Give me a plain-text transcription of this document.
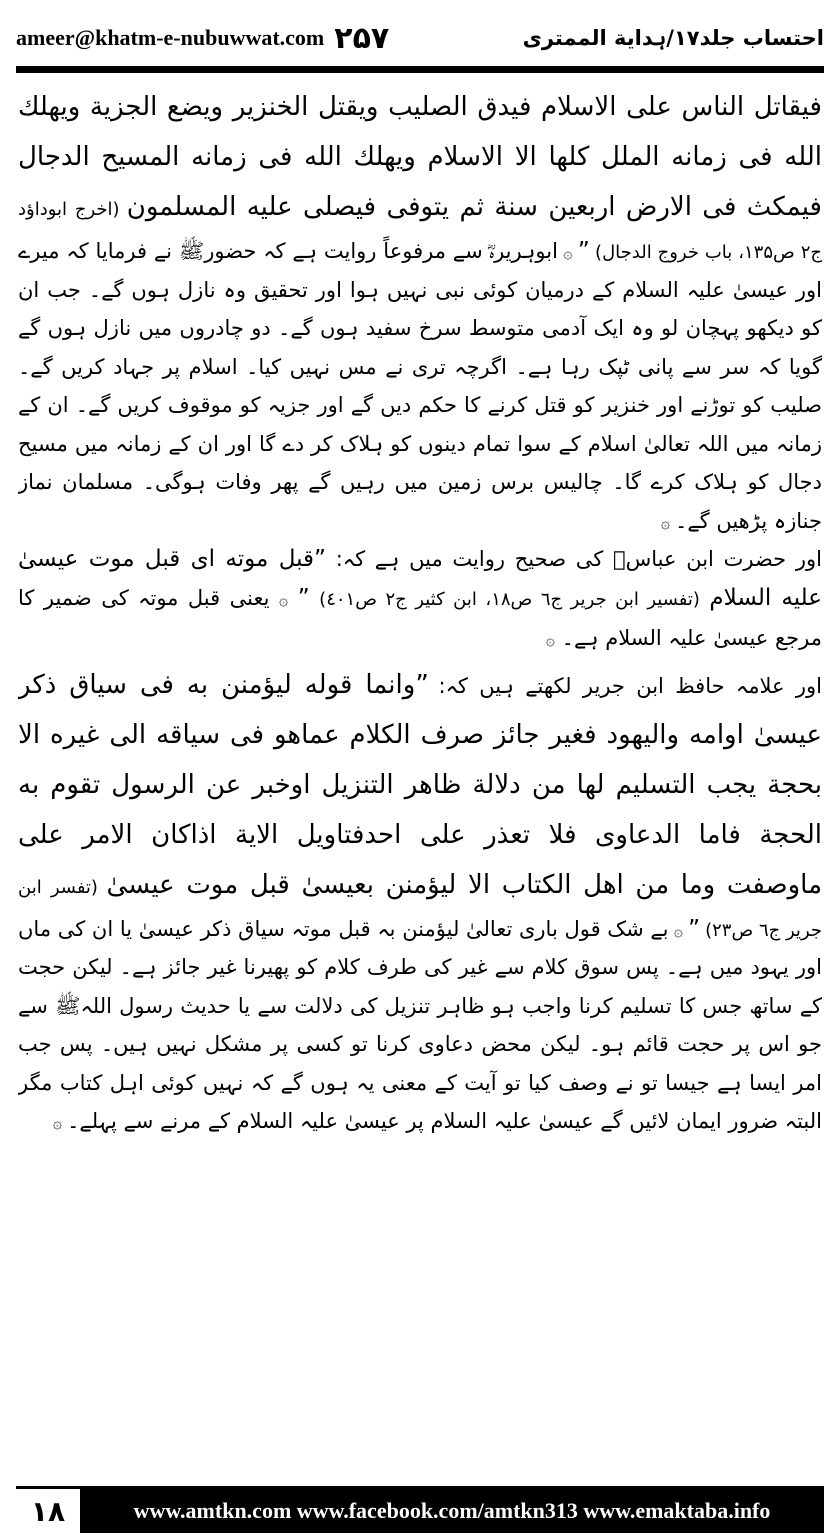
ameer@khatm-e-nubuwwat.com ۲۵۷	احتساب جلد۱۷/ہدایة الممتری

فيقاتل الناس على الاسلام فيدق الصليب ويقتل الخنزير ويضع الجزية ويهلك الله فى زمانه الملل كلها الا الاسلام ويهلك الله فى زمانه المسيح الدجال فيمكث فى الارض اربعين سنة ثم يتوفى فيصلى عليه المسلمون (اخرج ابوداؤد ج۲ ص۱۳۵، باب خروج الدجال) ” ۞ ابوہریرہؓ سے مرفوعاً روایت ہے کہ حضورﷺ نے فرمایا کہ میرے اور عیسیٰ علیہ السلام کے درمیان کوئی نبی نہیں ہوا اور تحقیق وہ نازل ہوں گے۔ جب ان کو دیکھو پہچان لو وہ ایک آدمی متوسط سرخ سفید ہوں گے۔ دو چادروں میں نازل ہوں گے گویا کہ سر سے پانی ٹپک رہا ہے۔ اگرچہ تری نے مس نہیں کیا۔ اسلام پر جہاد کریں گے۔ صلیب کو توڑنے اور خنزیر کو قتل کرنے کا حکم دیں گے اور جزیہ کو موقوف کریں گے۔ ان کے زمانہ میں اللہ تعالیٰ اسلام کے سوا تمام دینوں کو ہلاک کر دے گا اور ان کے زمانہ میں مسیح دجال کو ہلاک کرے گا۔ چالیس برس زمین میں رہیں گے پھر وفات ہوگی۔ مسلمان نماز جنازہ پڑھیں گے۔ ۞

اور حضرت ابن عباسؓ کی صحیح روایت میں ہے کہ: ”قبل موته اى قبل موت عيسىٰ عليه السلام (تفسير ابن جرير ج٦ ص١٨، ابن كثير ج٢ ص٤٠١) ” ۞ یعنی قبل موتہ کی ضمیر کا مرجع عیسیٰ علیہ السلام ہے۔ ۞

اور علامہ حافظ ابن جریر لکھتے ہیں کہ: ”وانما قوله ليؤمنن به فى سياق ذكر عيسىٰ اوامه واليهود فغير جائز صرف الكلام عماهو فى سياقه الى غيره الا بحجة يجب التسليم لها من دلالة ظاهر التنزيل اوخبر عن الرسول تقوم به الحجة فاما الدعاوى فلا تعذر على احدفتاويل الاية اذاكان الامر على ماوصفت وما من اهل الكتاب الا ليؤمنن بعيسىٰ قبل موت عيسىٰ (تفسر ابن جرير ج٦ ص٢٣) ” ۞ بے شک قول باری تعالیٰ لیؤمنن بہ قبل موتہ سیاق ذکر عیسیٰ یا ان کی ماں اور یہود میں ہے۔ پس سوق کلام سے غیر کی طرف کلام کو پھیرنا غیر جائز ہے۔ لیکن حجت کے ساتھ جس کا تسلیم کرنا واجب ہو ظاہر تنزیل کی دلالت سے یا حدیث رسول اللہﷺ سے جو اس پر حجت قائم ہو۔ لیکن محض دعاوی کرنا تو کسی پر مشکل نہیں ہیں۔ پس جب امر ایسا ہے جیسا تو نے وصف کیا تو آیت کے معنی یہ ہوں گے کہ نہیں کوئی اہل کتاب مگر البتہ ضرور ایمان لائیں گے عیسیٰ علیہ السلام پر عیسیٰ علیہ السلام کے مرنے سے پہلے۔ ۞

۱۸	www.amtkn.com www.facebook.com/amtkn313 www.emaktaba.info
